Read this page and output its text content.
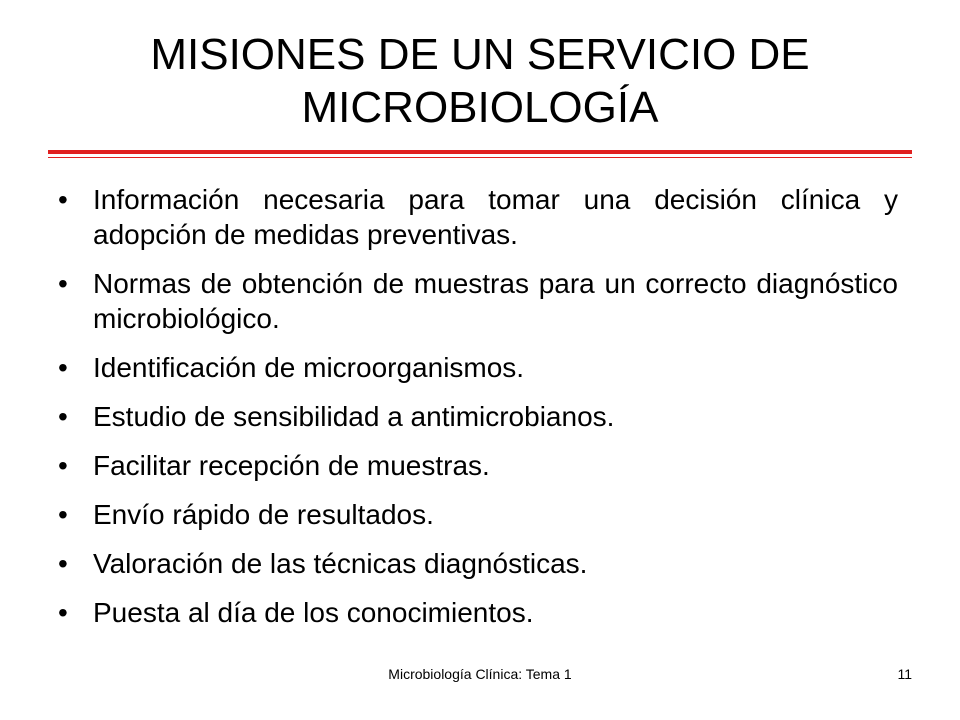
MISIONES DE UN SERVICIO DE MICROBIOLOGÍA
• Información necesaria para tomar una decisión clínica y adopción de medidas preventivas.
• Normas de obtención de muestras para un correcto diagnóstico microbiológico.
• Identificación de microorganismos.
• Estudio de sensibilidad a antimicrobianos.
• Facilitar recepción de muestras.
• Envío rápido de resultados.
• Valoración de las técnicas diagnósticas.
• Puesta al día de los conocimientos.
Microbiología Clínica: Tema 1	11
